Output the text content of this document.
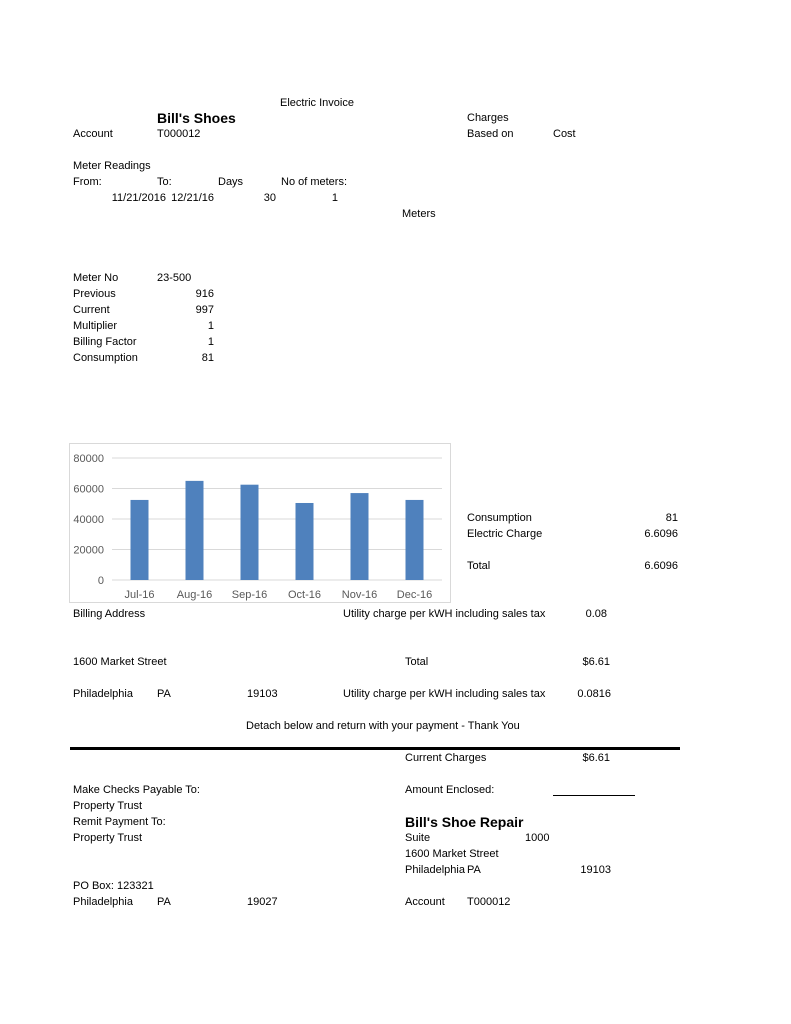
Electric Invoice
Bill's Shoes	Charges
Account	T000012	Based on	Cost
Meter Readings
From:	To:	Days	No of meters:
11/21/2016 12/21/16	30	1
Meters
Meter No	23-500
Previous	916
Current	997
Multiplier	1
Billing Factor	1
Consumption	81
80000
60000
40000
20000
0
Jul-16 Aug-16 Sep-16 Oct-16 Nov-16 Dec-16
Consumption	81
Electric Charge	6.6096
Total	6.6096
Billing Address	Utility charge per kWH including sales tax	0.08
1600 Market Street	Total	$6.61
Philadelphia PA	19103	Utility charge per kWH including sales tax	0.0816
Detach below and return with your payment - Thank You
Current Charges	$6.61
Make Checks Payable To:	Amount Enclosed:
Property Trust
Remit Payment To:	Bill's Shoe Repair
Property Trust	Suite	1000
1600 Market Street
Philadelphia PA	19103
PO Box: 123321
Philadelphia PA	19027	Account T000012
